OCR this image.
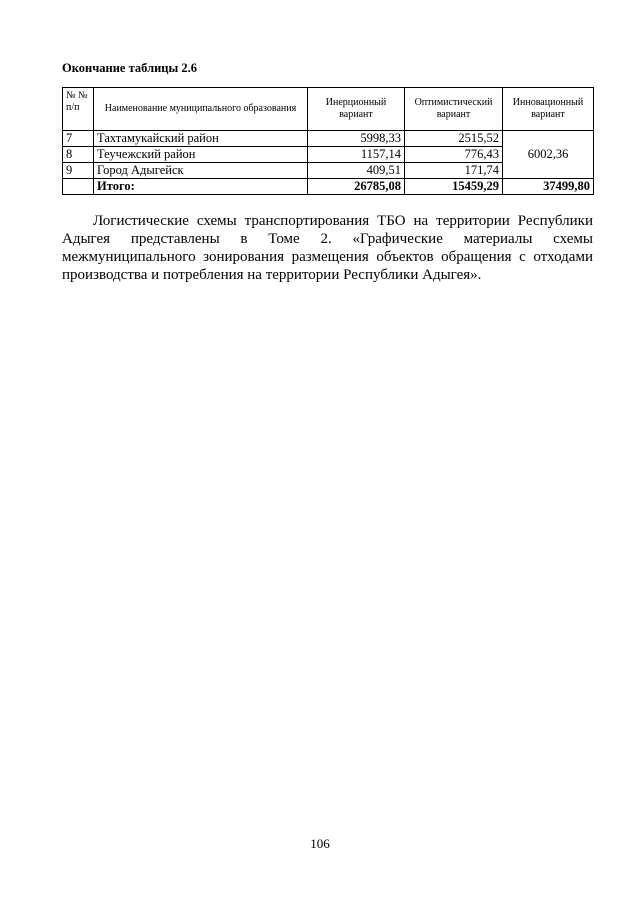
Окончание таблицы 2.6
№ № п/п	Наименование муниципального образования	Инерционный вариант	Оптимистический вариант	Инновационный вариант
7	Тахтамукайский район	5998,33	2515,52	6002,36
8	Теучежский район	1157,14	776,43	
9	Город Адыгейск	409,51	171,74	
	Итого:	26785,08	15459,29	37499,80

Логистические схемы транспортирования ТБО на территории Республики Адыгея представлены в Томе 2. «Графические материалы схемы межмуниципального зонирования размещения объектов обращения с отходами производства и потребления на территории Республики Адыгея».

106
